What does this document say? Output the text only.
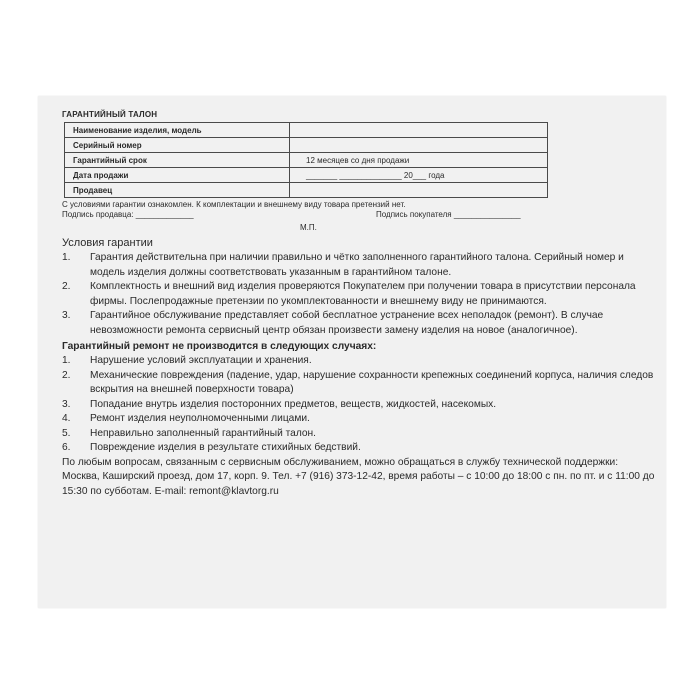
ГАРАНТИЙНЫЙ ТАЛОН
Наименование изделия, модель	
Серийный номер	
Гарантийный срок	12 месяцев со дня продажи
Дата продажи	_______ ______________ 20___ года
Продавец	
С условиями гарантии ознакомлен. К комплектации и внешнему виду товара претензий нет.
Подпись продавца: _____________	Подпись покупателя _______________
М.П.
Условия гарантии
1. Гарантия действительна при наличии правильно и чётко заполненного гарантийного талона. Серийный номер и модель изделия должны соответствовать указанным в гарантийном талоне.
2. Комплектность и внешний вид изделия проверяются Покупателем при получении товара в присутствии персонала фирмы. Послепродажные претензии по укомплектованности и внешнему виду не принимаются.
3. Гарантийное обслуживание представляет собой бесплатное устранение всех неполадок (ремонт). В случае невозможности ремонта сервисный центр обязан произвести замену изделия на новое (аналогичное).
Гарантийный ремонт не производится в следующих случаях:
1. Нарушение условий эксплуатации и хранения.
2. Механические повреждения (падение, удар, нарушение сохранности крепежных соединений корпуса, наличия следов вскрытия на внешней поверхности товара)
3. Попадание внутрь изделия посторонних предметов, веществ, жидкостей, насекомых.
4. Ремонт изделия неуполномоченными лицами.
5. Неправильно заполненный гарантийный талон.
6. Повреждение изделия в результате стихийных бедствий.
По любым вопросам, связанным с сервисным обслуживанием, можно обращаться в службу технической поддержки: Москва, Каширский проезд, дом 17, корп. 9. Тел. +7 (916) 373-12-42, время работы – с 10:00 до 18:00 с пн. по пт. и с 11:00 до 15:30 по субботам. E-mail: remont@klavtorg.ru
